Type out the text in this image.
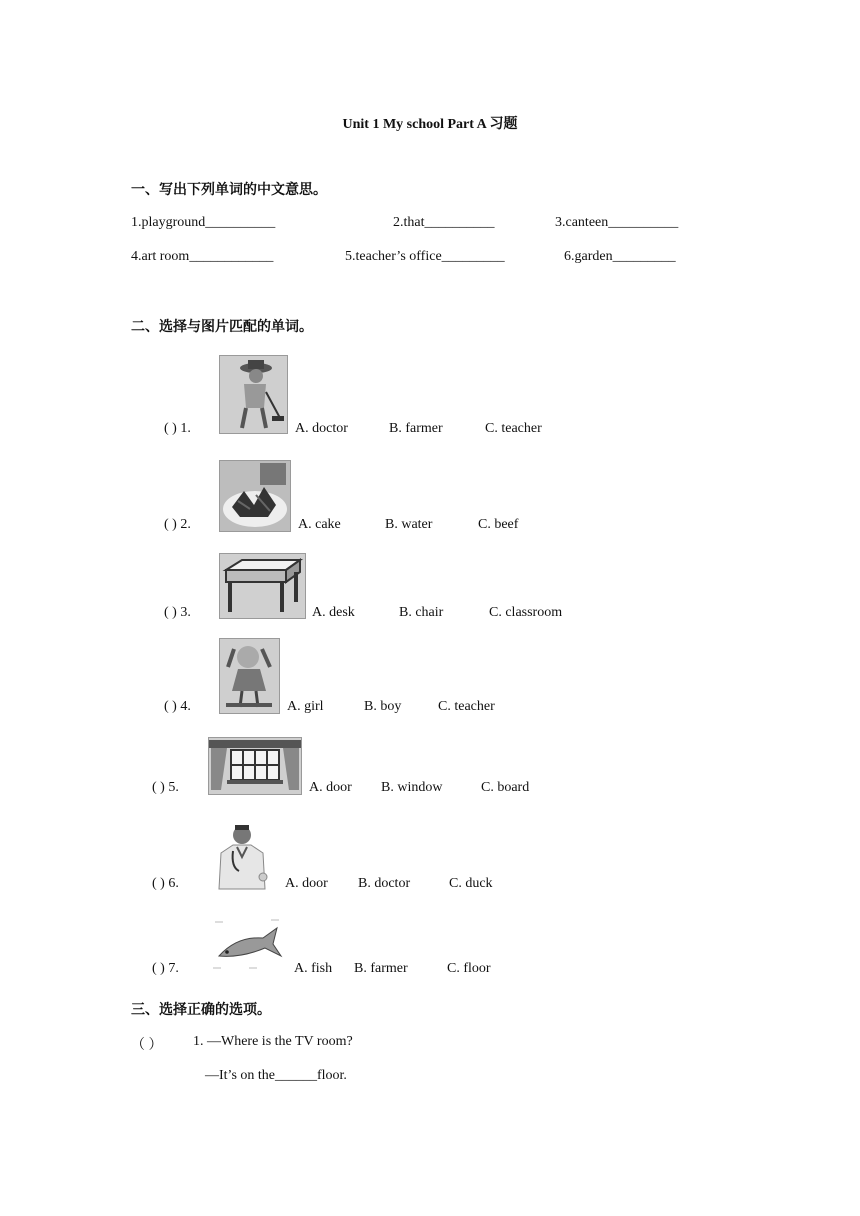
Unit 1 My school Part A 习题
一、写出下列单词的中文意思。
1.playground__________	2.that__________	3.canteen__________
4.art room____________	5.teacher’s office_________	6.garden_________
二、选择与图片匹配的单词。
( ) 1.	A. doctor	B. farmer	C. teacher
( ) 2.	A. cake	B. water	C. beef
( ) 3.	A. desk	B. chair	C. classroom
( ) 4.	A. girl	B. boy	C. teacher
( ) 5.	A. door B. window	C. board
( ) 6.	A. door B. doctor	C. duck
( ) 7.	A. fish B. farmer	C. floor
三、选择正确的选项。
（ ） 1. —Where is the TV room?
—It’s on the______floor.
